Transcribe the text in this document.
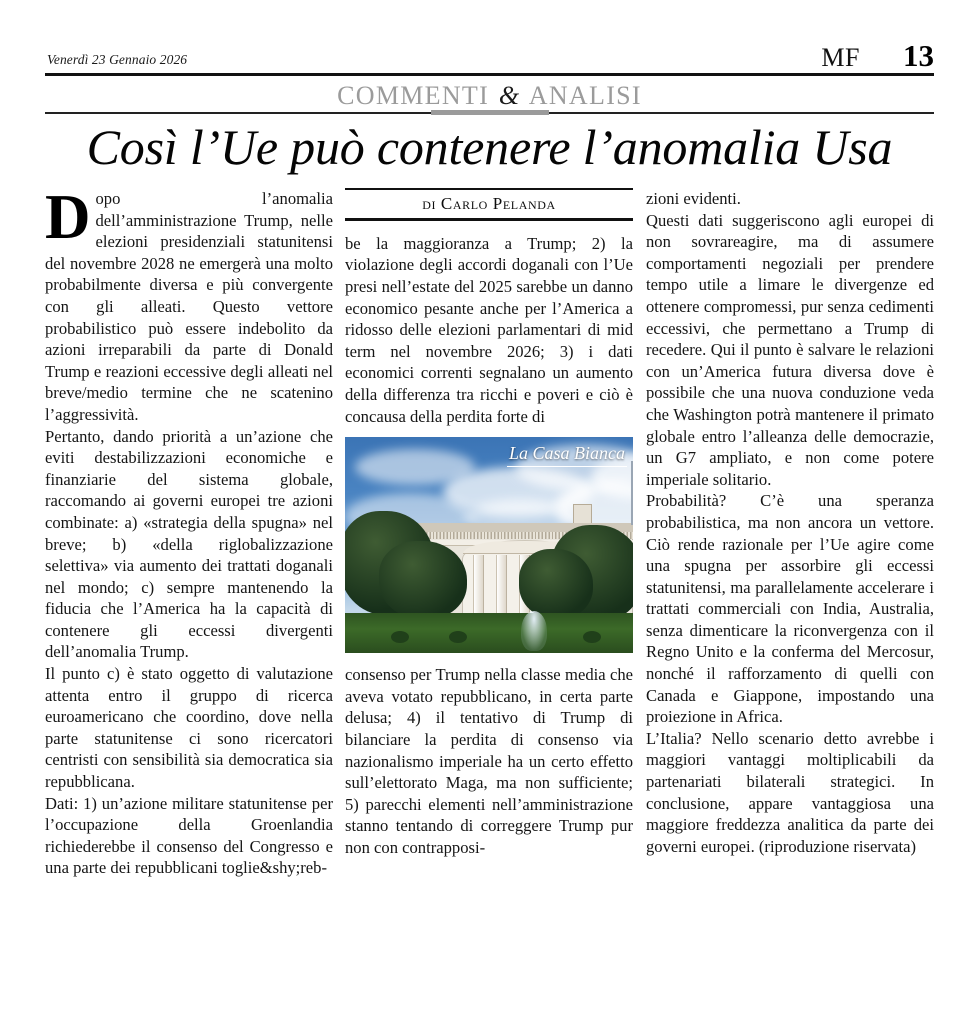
Venerdì 23 Gennaio 2026	MF 13
COMMENTI & ANALISI
Così l’Ue può contenere l’anomalia Usa

Dopo l’anomalia dell’amministrazione Trump, nelle elezioni presidenziali statunitensi del novembre 2028 ne emergerà una molto probabilmente diversa e più convergente con gli alleati. Questo vettore probabilistico può essere indebolito da azioni irreparabili da parte di Donald Trump e reazioni eccessive degli alleati nel breve/medio termine che ne scatenino l’aggressività.

Pertanto, dando priorità a un’azione che eviti destabilizzazioni economiche e finanziarie del sistema globale, raccomando ai governi europei tre azioni combinate: a) «strategia della spugna» nel breve; b) «della riglobalizzazione selettiva» via aumento dei trattati doganali nel mondo; c) sempre mantenendo la fiducia che l’America ha la capacità di contenere gli eccessi divergenti dell’anomalia Trump.

Il punto c) è stato oggetto di valutazione attenta entro il gruppo di ricerca euroamericano che coordino, dove nella parte statunitense ci sono ricercatori centristi con sensibilità sia democratica sia repubblicana.

Dati: 1) un’azione militare statunitense per l’occupazione della Groenlandia richiederebbe il consenso del Congresso e una parte dei repubblicani toglie&shy;reb-

di Carlo Pelanda

be la maggioranza a Trump; 2) la violazione degli accordi doganali con l’Ue presi nell’estate del 2025 sarebbe un danno economico pesante anche per l’America a ridosso delle elezioni parlamentari di mid term nel novembre 2026; 3) i dati economici correnti segnalano un aumento della differenza tra ricchi e poveri e ciò è concausa della perdita forte di

La Casa Bianca

consenso per Trump nella classe media che aveva votato repubblicano, in certa parte delusa; 4) il tentativo di Trump di bilanciare la perdita di consenso via nazionalismo imperiale ha un certo effetto sull’elettorato Maga, ma non sufficiente; 5) parecchi elementi nell’amministrazione stanno tentando di correggere Trump pur non con contrapposi-

zioni evidenti.

Questi dati suggeriscono agli europei di non sovrareagire, ma di assumere comportamenti negoziali per prendere tempo utile a limare le divergenze ed ottenere compromessi, pur senza cedimenti eccessivi, che permettano a Trump di recedere. Qui il punto è salvare le relazioni con un’America futura diversa dove è possibile che una nuova conduzione veda che Washington potrà mantenere il primato globale entro l’alleanza delle democrazie, un G7 ampliato, e non come potere imperiale solitario.

Probabilità? C’è una speranza probabilistica, ma non ancora un vettore. Ciò rende razionale per l’Ue agire come una spugna per assorbire gli eccessi statunitensi, ma parallelamente accelerare i trattati commerciali con India, Australia, senza dimenticare la riconvergenza con il Regno Unito e la conferma del Mercosur, nonché il rafforzamento di quelli con Canada e Giappone, impostando una proiezione in Africa.

L’Italia? Nello scenario detto avrebbe i maggiori vantaggi moltiplicabili da partenariati bilaterali strategici. In conclusione, appare vantaggiosa una maggiore freddezza analitica da parte dei governi europei. (riproduzione riservata)
